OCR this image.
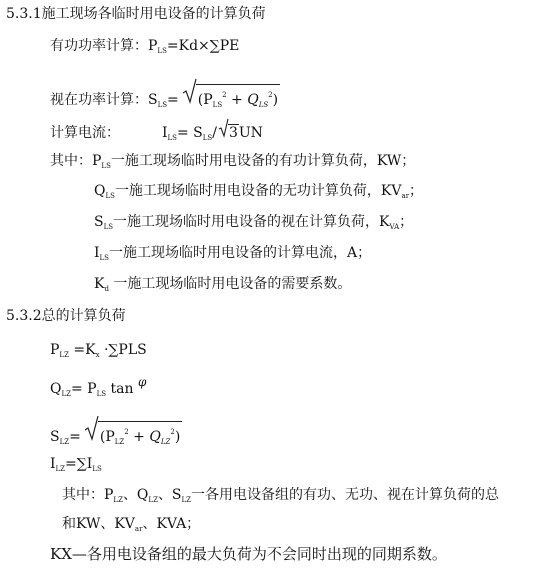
5.3.1施工现场各临时用电设备的计算负荷
有功功率计算：$P_{LS}=Kd\times\sum PE$
视在功率计算：$S_{LS}= (P_{LS}^2 + Q_{LS}^2)$
计算电流：	$I_{LS}= S_{LS}/$ 3UN
其中：$P_{LS}$一施工现场临时用电设备的有功计算负荷，KW；
$Q_{LS}$一施工现场临时用电设备的无功计算负荷，$KV_{ar}$；
$S_{LS}$一施工现场临时用电设备的视在计算负荷，$K_{VA}$；
$I_{LS}$一施工现场临时用电设备的计算电流，A；
$K_d$ 一施工现场临时用电设备的需要系数。
5.3.2总的计算负荷
$P_{LZ} =K_x \cdot\sum PLS$
$Q_{LZ}= P_{LS}$ tan φ
$S_{LZ}= (P_{LZ}^2 + Q_{LZ}^2)$
$I_{LZ}=\sum I_{LS}$
其中：$P_{LZ}$、$Q_{LZ}$、$S_{LZ}$一各用电设备组的有功、无功、视在计算负荷的总
和KW、$KV_{ar}$、KVA；
KX—各用电设备组的最大负荷为不会同时出现的同期系数。
